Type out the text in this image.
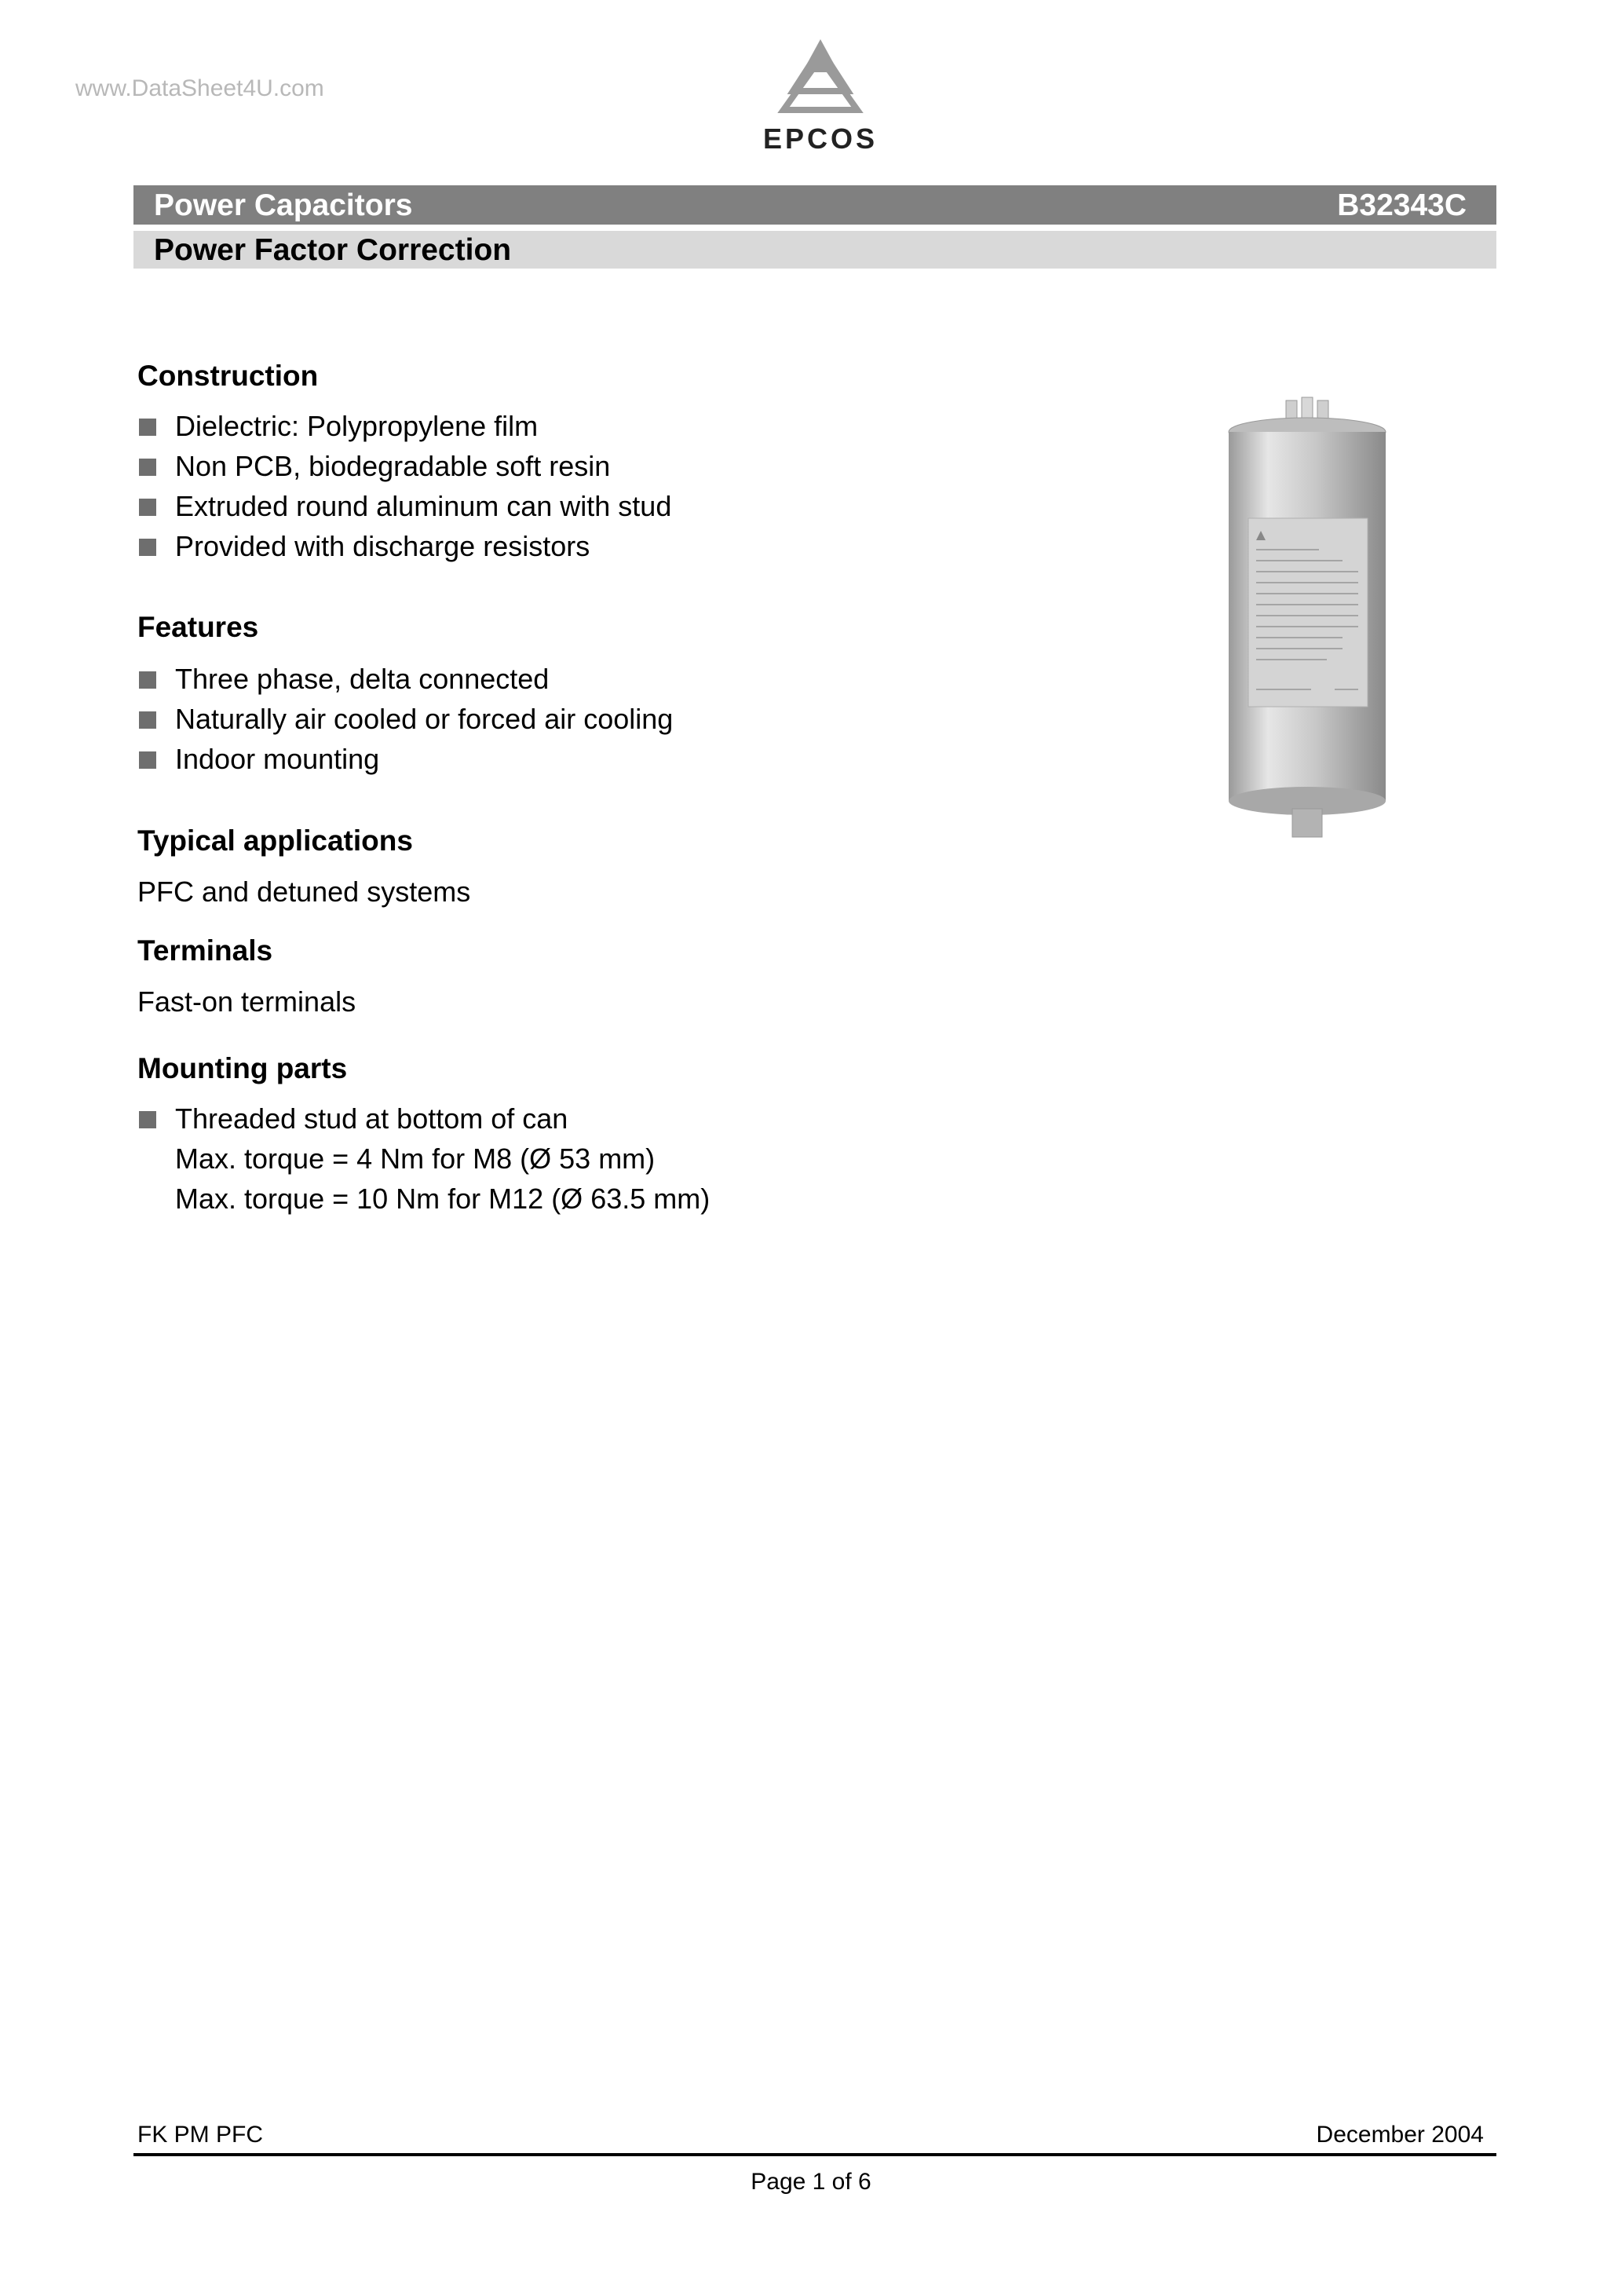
www.DataSheet4U.com
EPCOS
Power Capacitors	B32343C
Power Factor Correction
Construction
Dielectric: Polypropylene film
Non PCB, biodegradable soft resin
Extruded round aluminum can with stud
Provided with discharge resistors
Features
Three phase, delta connected
Naturally air cooled or forced air cooling
Indoor mounting
Typical applications
PFC and detuned systems
Terminals
Fast-on terminals
Mounting parts
Threaded stud at bottom of can
Max. torque = 4 Nm for M8 (Ø 53 mm)
Max. torque = 10 Nm for M12 (Ø 63.5 mm)
FK PM PFC	December 2004
Page 1 of 6
